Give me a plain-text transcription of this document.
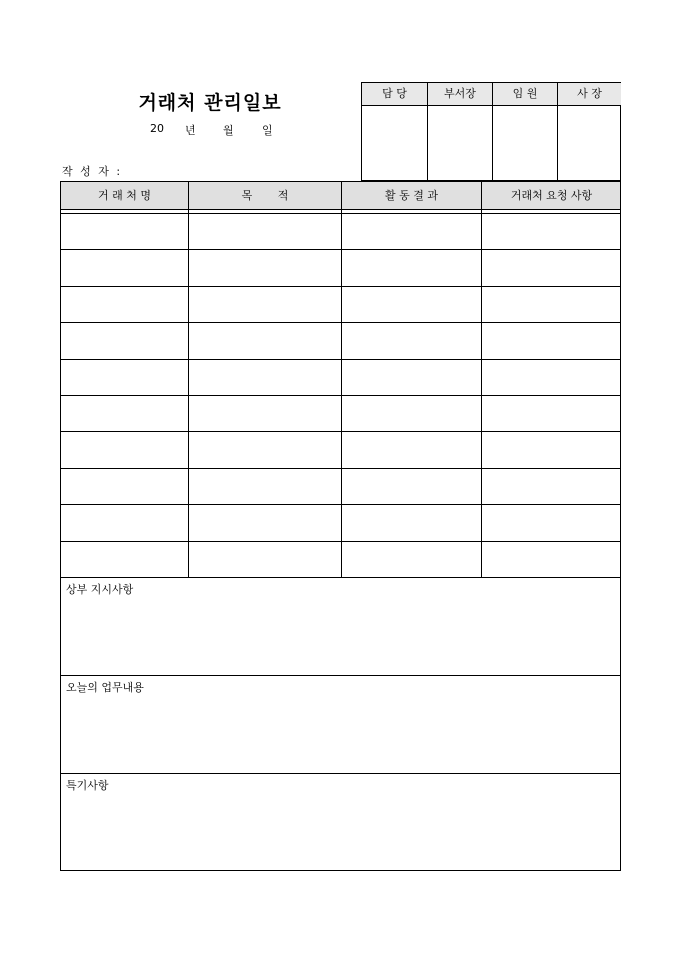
거래처 관리일보
20 년 월	일
작 성 자 :
담 당	부서장	임 원	사 장
거 래 처 명	목　　 적	활 동 결 과	거래처 요청 사항
상부 지시사항
오늘의 업무내용
특기사항
